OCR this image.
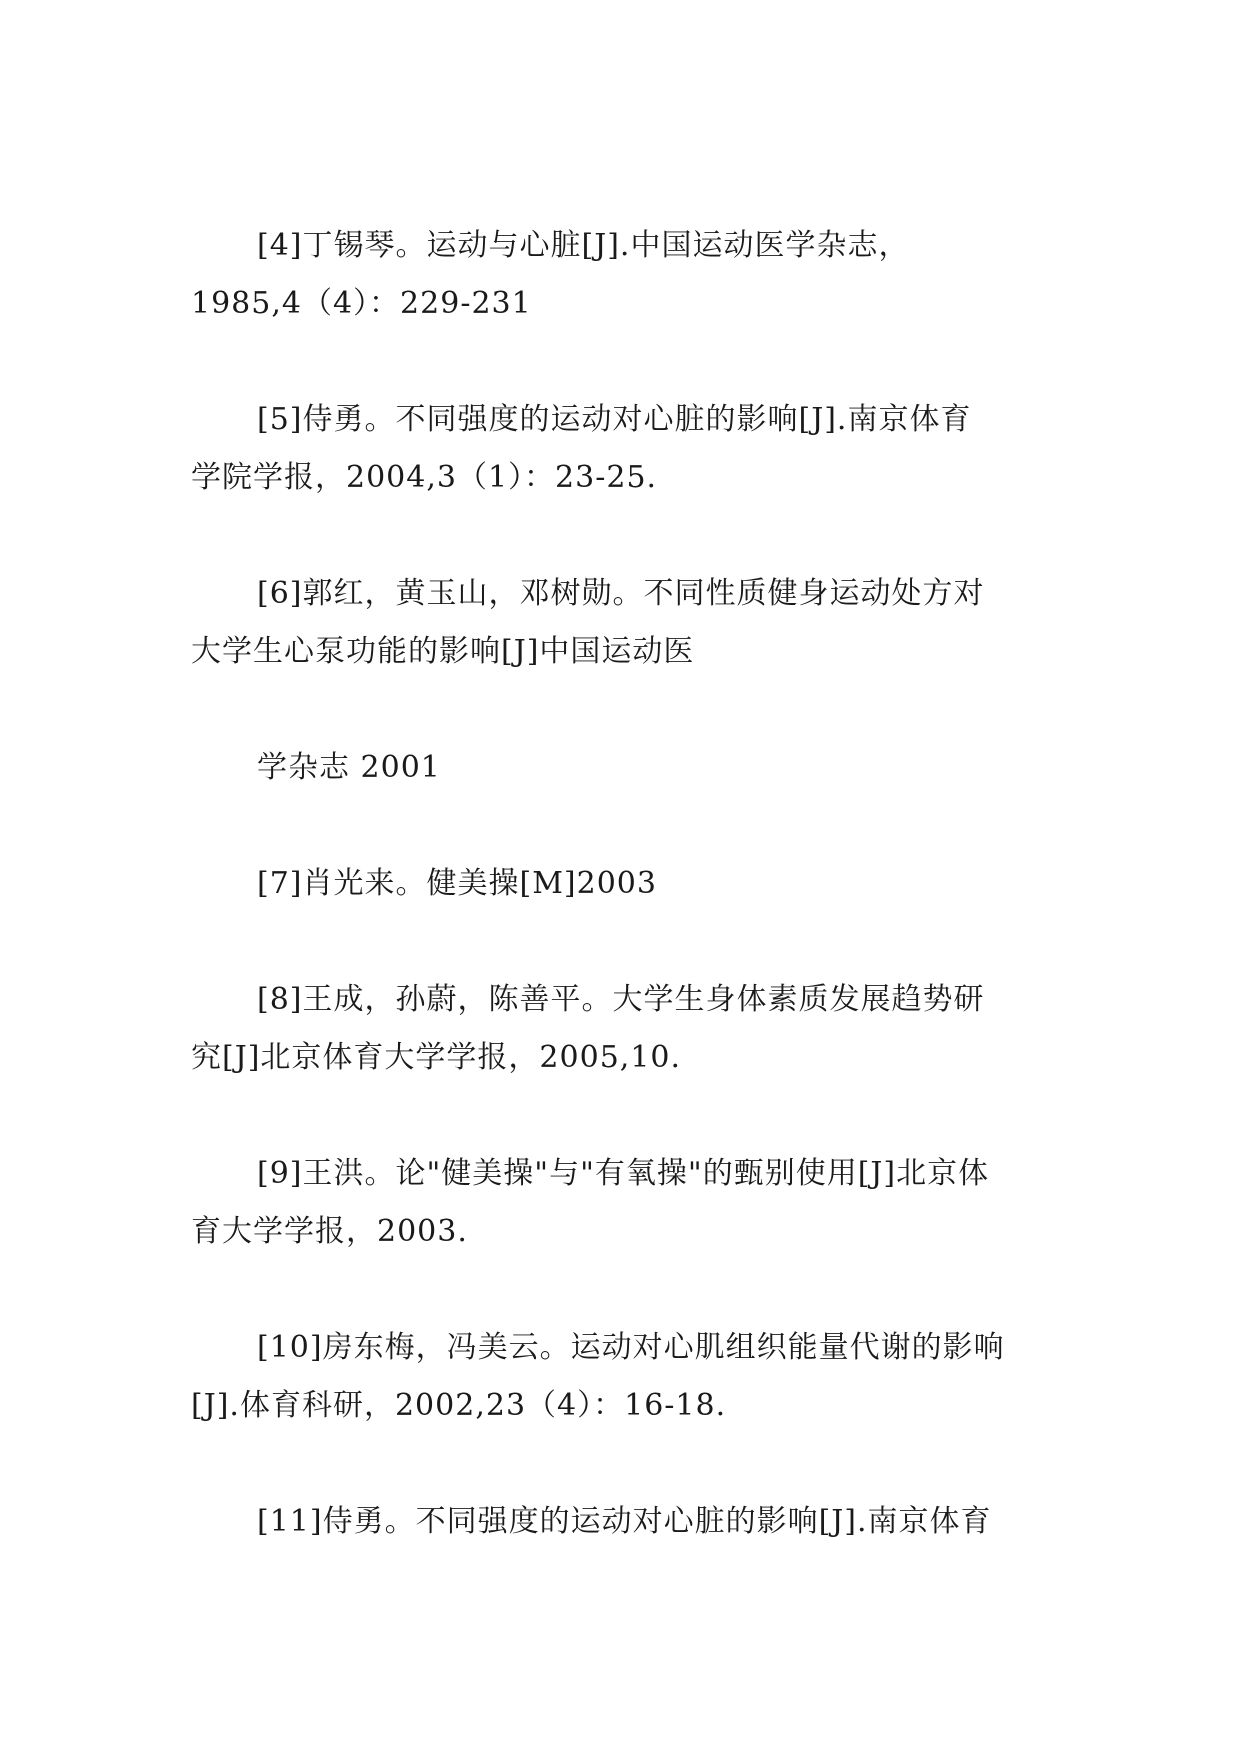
[4]丁锡琴。运动与心脏[J].中国运动医学杂志，
1985,4（4）：229-231
[5]侍勇。不同强度的运动对心脏的影响[J].南京体育
学院学报，2004,3（1）：23-25.
[6]郭红，黄玉山，邓树勋。不同性质健身运动处方对
大学生心泵功能的影响[J]中国运动医
学杂志 2001
[7]肖光来。健美操[M]2003
[8]王成，孙蔚，陈善平。大学生身体素质发展趋势研
究[J]北京体育大学学报，2005,10.
[9]王洪。论"健美操"与"有氧操"的甄别使用[J]北京体
育大学学报，2003.
[10]房东梅，冯美云。运动对心肌组织能量代谢的影响
[J].体育科研，2002,23（4）：16-18.
[11]侍勇。不同强度的运动对心脏的影响[J].南京体育
